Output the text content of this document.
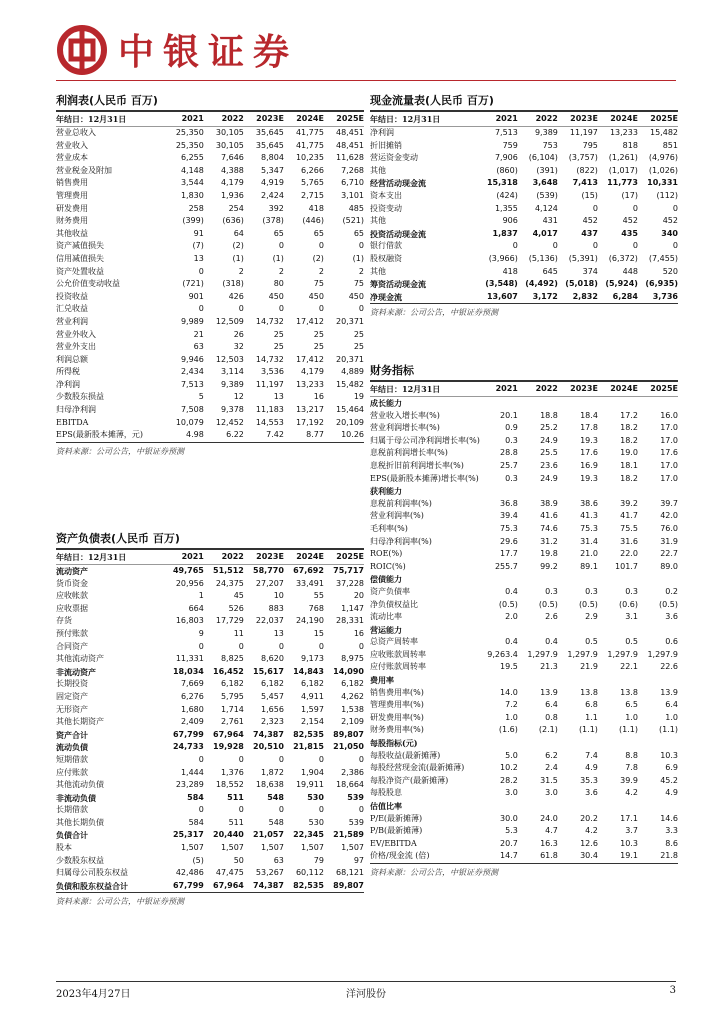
中银证券
利润表(人民币 百万)
年结日：12月31日	2021	2022	2023E	2024E	2025E
营业总收入	25,350	30,105	35,645	41,775	48,451
营业收入	25,350	30,105	35,645	41,775	48,451
营业成本	6,255	7,646	8,804	10,235	11,628
营业税金及附加	4,148	4,388	5,347	6,266	7,268
销售费用	3,544	4,179	4,919	5,765	6,710
管理费用	1,830	1,936	2,424	2,715	3,101
研发费用	258	254	392	418	485
财务费用	(399)	(636)	(378)	(446)	(521)
其他收益	91	64	65	65	65
资产减值损失	(7)	(2)	0	0	0
信用减值损失	13	(1)	(1)	(2)	(1)
资产处置收益	0	2	2	2	2
公允价值变动收益	(721)	(318)	80	75	75
投资收益	901	426	450	450	450
汇兑收益	0	0	0	0	0
营业利润	9,989	12,509	14,732	17,412	20,371
营业外收入	21	26	25	25	25
营业外支出	63	32	25	25	25
利润总额	9,946	12,503	14,732	17,412	20,371
所得税	2,434	3,114	3,536	4,179	4,889
净利润	7,513	9,389	11,197	13,233	15,482
少数股东损益	5	12	13	16	19
归母净利润	7,508	9,378	11,183	13,217	15,464
EBITDA	10,079	12,452	14,553	17,192	20,109
EPS(最新股本摊薄，元)	4.98	6.22	7.42	8.77	10.26
资料来源：公司公告，中银证券预测
资产负债表(人民币 百万)
年结日：12月31日	2021	2022	2023E	2024E	2025E
流动资产	49,765	51,512	58,770	67,692	75,717
货币资金	20,956	24,375	27,207	33,491	37,228
应收帐款	1	45	10	55	20
应收票据	664	526	883	768	1,147
存货	16,803	17,729	22,037	24,190	28,331
预付账款	9	11	13	15	16
合同资产	0	0	0	0	0
其他流动资产	11,331	8,825	8,620	9,173	8,975
非流动资产	18,034	16,452	15,617	14,843	14,090
长期投资	7,669	6,182	6,182	6,182	6,182
固定资产	6,276	5,795	5,457	4,911	4,262
无形资产	1,680	1,714	1,656	1,597	1,538
其他长期资产	2,409	2,761	2,323	2,154	2,109
资产合计	67,799	67,964	74,387	82,535	89,807
流动负债	24,733	19,928	20,510	21,815	21,050
短期借款	0	0	0	0	0
应付账款	1,444	1,376	1,872	1,904	2,386
其他流动负债	23,289	18,552	18,638	19,911	18,664
非流动负债	584	511	548	530	539
长期借款	0	0	0	0	0
其他长期负债	584	511	548	530	539
负债合计	25,317	20,440	21,057	22,345	21,589
股本	1,507	1,507	1,507	1,507	1,507
少数股东权益	(5)	50	63	79	97
归属母公司股东权益	42,486	47,475	53,267	60,112	68,121
负债和股东权益合计	67,799	67,964	74,387	82,535	89,807
资料来源：公司公告，中银证券预测
现金流量表(人民币 百万)
年结日：12月31日	2021	2022	2023E	2024E	2025E
净利润	7,513	9,389	11,197	13,233	15,482
折旧摊销	759	753	795	818	851
营运资金变动	7,906	(6,104)	(3,757)	(1,261)	(4,976)
其他	(860)	(391)	(822)	(1,017)	(1,026)
经营活动现金流	15,318	3,648	7,413	11,773	10,331
资本支出	(424)	(539)	(15)	(17)	(112)
投资变动	1,355	4,124	0	0	0
其他	906	431	452	452	452
投资活动现金流	1,837	4,017	437	435	340
银行借款	0	0	0	0	0
股权融资	(3,966)	(5,136)	(5,391)	(6,372)	(7,455)
其他	418	645	374	448	520
筹资活动现金流	(3,548)	(4,492)	(5,018)	(5,924)	(6,935)
净现金流	13,607	3,172	2,832	6,284	3,736
资料来源：公司公告，中银证券预测
财务指标
年结日：12月31日	2021	2022	2023E	2024E	2025E
成长能力					
营业收入增长率(%)	20.1	18.8	18.4	17.2	16.0
营业利润增长率(%)	0.9	25.2	17.8	18.2	17.0
归属于母公司净利润增长率(%)	0.3	24.9	19.3	18.2	17.0
息税前利润增长率(%)	28.8	25.5	17.6	19.0	17.6
息税折旧前利润增长率(%)	25.7	23.6	16.9	18.1	17.0
EPS(最新股本摊薄)增长率(%)	0.3	24.9	19.3	18.2	17.0
获利能力					
息税前利润率(%)	36.8	38.9	38.6	39.2	39.7
营业利润率(%)	39.4	41.6	41.3	41.7	42.0
毛利率(%)	75.3	74.6	75.3	75.5	76.0
归母净利润率(%)	29.6	31.2	31.4	31.6	31.9
ROE(%)	17.7	19.8	21.0	22.0	22.7
ROIC(%)	255.7	99.2	89.1	101.7	89.0
偿债能力					
资产负债率	0.4	0.3	0.3	0.3	0.2
净负债权益比	(0.5)	(0.5)	(0.5)	(0.6)	(0.5)
流动比率	2.0	2.6	2.9	3.1	3.6
营运能力					
总资产周转率	0.4	0.4	0.5	0.5	0.6
应收账款周转率	9,263.4	1,297.9	1,297.9	1,297.9	1,297.9
应付账款周转率	19.5	21.3	21.9	22.1	22.6
费用率					
销售费用率(%)	14.0	13.9	13.8	13.8	13.9
管理费用率(%)	7.2	6.4	6.8	6.5	6.4
研发费用率(%)	1.0	0.8	1.1	1.0	1.0
财务费用率(%)	(1.6)	(2.1)	(1.1)	(1.1)	(1.1)
每股指标(元)					
每股收益(最新摊薄)	5.0	6.2	7.4	8.8	10.3
每股经营现金流(最新摊薄)	10.2	2.4	4.9	7.8	6.9
每股净资产(最新摊薄)	28.2	31.5	35.3	39.9	45.2
每股股息	3.0	3.0	3.6	4.2	4.9
估值比率					
P/E(最新摊薄)	30.0	24.0	20.2	17.1	14.6
P/B(最新摊薄)	5.3	4.7	4.2	3.7	3.3
EV/EBITDA	20.7	16.3	12.6	10.3	8.6
价格/现金流 (倍)	14.7	61.8	30.4	19.1	21.8
资料来源：公司公告，中银证券预测
2023年4月27日	洋河股份	3
